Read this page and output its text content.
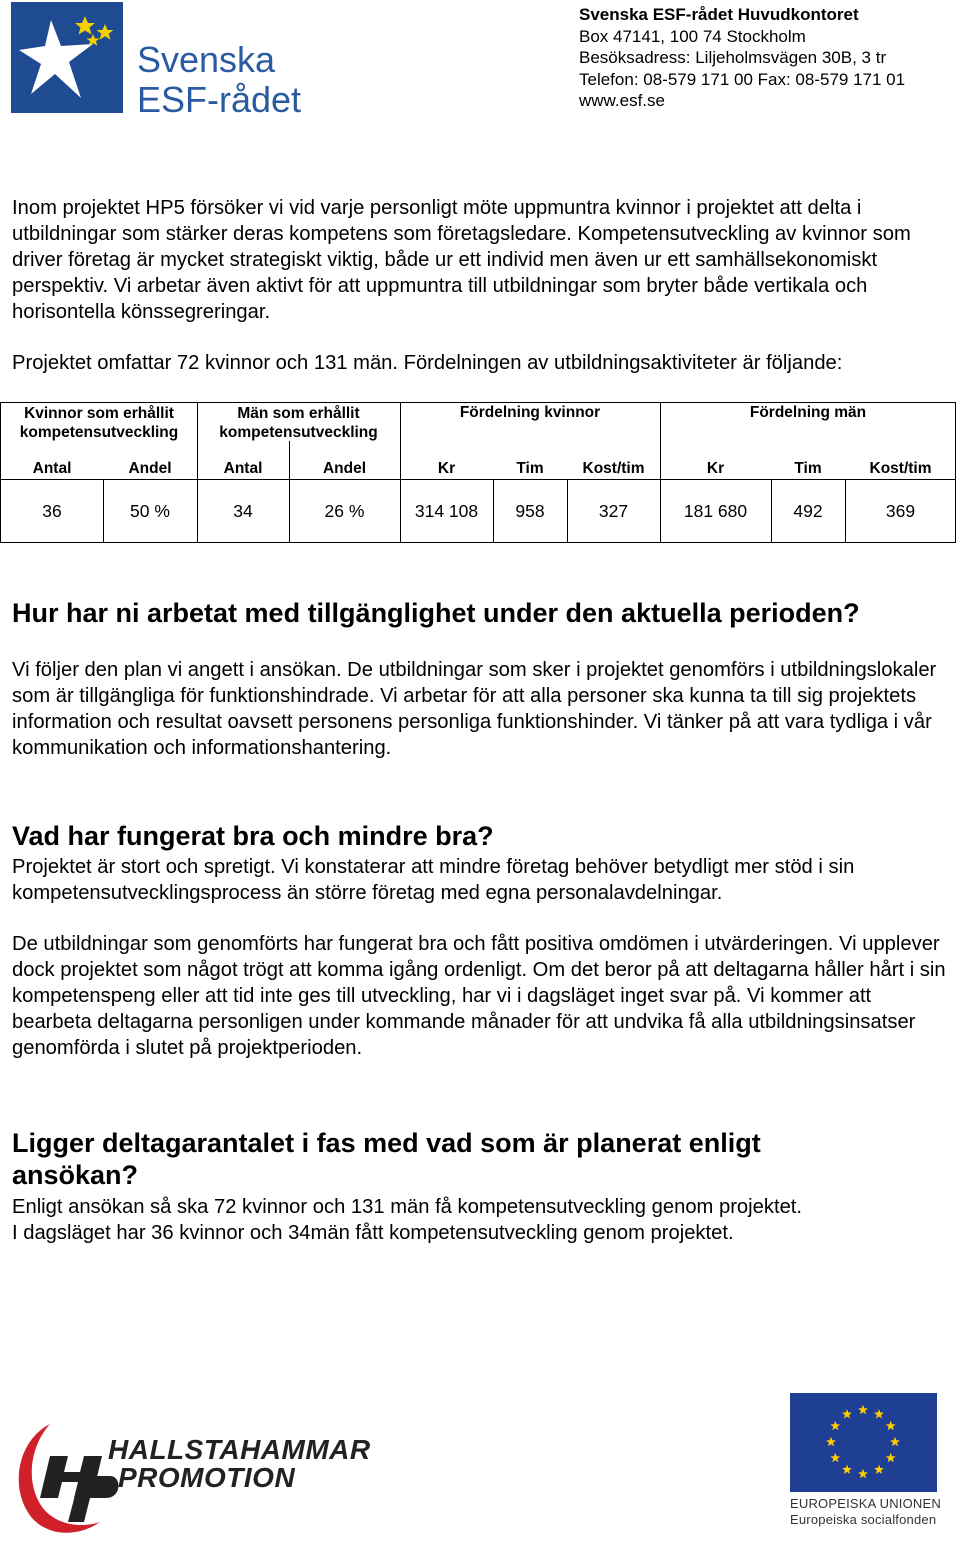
Svenska
ESF-rådet
Svenska ESF-rådet Huvudkontoret
Box 47141, 100 74 Stockholm
Besöksadress: Liljeholmsvägen 30B, 3 tr
Telefon: 08-579 171 00 Fax: 08-579 171 01
www.esf.se
Inom projektet HP5 försöker vi vid varje personligt möte uppmuntra kvinnor i projektet att delta i utbildningar som stärker deras kompetens som företagsledare. Kompetensutveckling av kvinnor som driver företag är mycket strategiskt viktig, både ur ett individ men även ur ett samhällsekonomiskt perspektiv. Vi arbetar även aktivt för att uppmuntra till utbildningar som bryter både vertikala och horisontella könssegreringar.
Projektet omfattar 72 kvinnor och 131 män. Fördelningen av utbildningsaktiviteter är följande:
Kvinnor som erhållit kompetensutveckling
Män som erhållit kompetensutveckling
Fördelning kvinnor	Fördelning män
Antal	Andel	Antal	Andel	Kr	Tim	Kost/tim	Kr	Tim	Kost/tim
36	50 %	34	26 %	314 108	958	327	181 680	492	369
Hur har ni arbetat med tillgänglighet under den aktuella perioden?
Vi följer den plan vi angett i ansökan. De utbildningar som sker i projektet genomförs i utbildningslokaler som är tillgängliga för funktionshindrade. Vi arbetar för att alla personer ska kunna ta till sig projektets information och resultat oavsett personens personliga funktionshinder. Vi tänker på att vara tydliga i vår kommunikation och informationshantering.
Vad har fungerat bra och mindre bra?
Projektet är stort och spretigt. Vi konstaterar att mindre företag behöver betydligt mer stöd i sin kompetensutvecklingsprocess än större företag med egna personalavdelningar.
De utbildningar som genomförts har fungerat bra och fått positiva omdömen i utvärderingen. Vi upplever dock projektet som något trögt att komma igång ordenligt. Om det beror på att deltagarna håller hårt i sin kompetenspeng eller att tid inte ges till utveckling, har vi i dagsläget inget svar på. Vi kommer att bearbeta deltagarna personligen under kommande månader för att undvika få alla utbildningsinsatser genomförda i slutet på projektperioden.
Ligger deltagarantalet i fas med vad som är planerat enligt ansökan?
Enligt ansökan så ska 72 kvinnor och 131 män få kompetensutveckling genom projektet.
I dagsläget har 36 kvinnor och 34män fått kompetensutveckling genom projektet.
HALLSTAHAMMAR
PROMOTION
EUROPEISKA UNIONEN
Europeiska socialfonden
